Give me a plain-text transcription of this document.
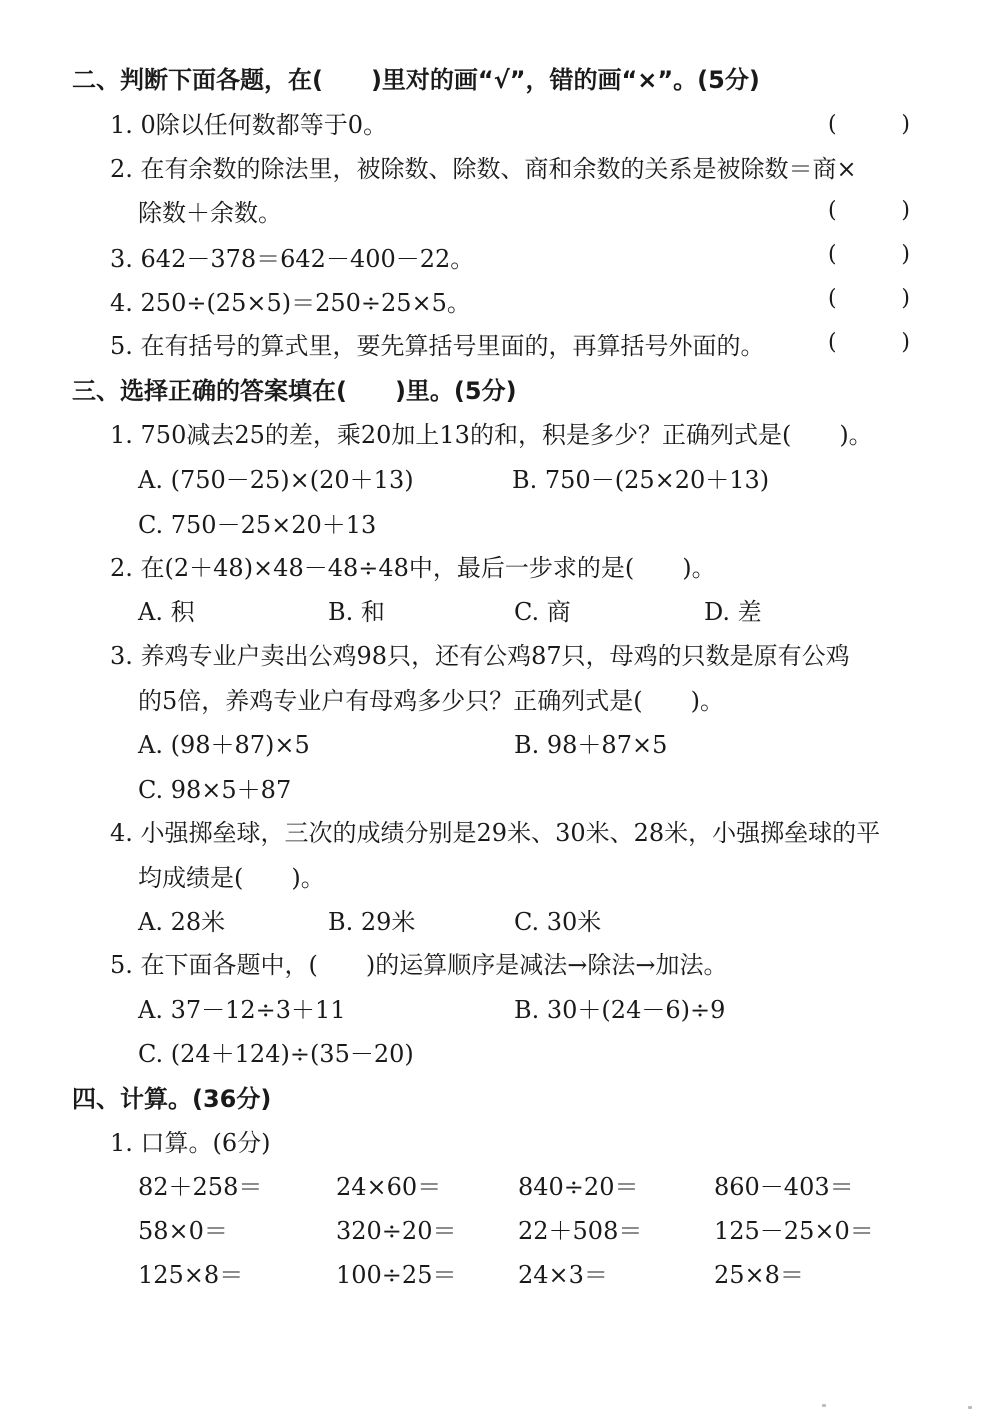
二、判断下面各题，在(　　)里对的画“√”，错的画“×”。(5分)
1. 0除以任何数都等于0。	(	)
2. 在有余数的除法里，被除数、除数、商和余数的关系是被除数＝商×
除数＋余数。	(	)
3. 642－378＝642－400－22。	(	)
4. 250÷(25×5)＝250÷25×5。	(	)
5. 在有括号的算式里，要先算括号里面的，再算括号外面的。	(	)
三、选择正确的答案填在(　　)里。(5分)
1. 750减去25的差，乘20加上13的和，积是多少？正确列式是(　　)。
A. (750－25)×(20＋13)	B. 750－(25×20＋13)
C. 750－25×20＋13
2. 在(2＋48)×48－48÷48中，最后一步求的是(　　)。
A. 积	B. 和	C. 商	D. 差
3. 养鸡专业户卖出公鸡98只，还有公鸡87只，母鸡的只数是原有公鸡
的5倍，养鸡专业户有母鸡多少只？正确列式是(　　)。
A. (98＋87)×5	B. 98＋87×5
C. 98×5＋87
4. 小强掷垒球，三次的成绩分别是29米、30米、28米，小强掷垒球的平
均成绩是(　　)。
A. 28米	B. 29米	C. 30米
5. 在下面各题中，(　　)的运算顺序是减法→除法→加法。
A. 37－12÷3＋11	B. 30＋(24－6)÷9
C. (24＋124)÷(35－20)
四、计算。(36分)
1. 口算。(6分)
82＋258＝	24×60＝	840÷20＝	860－403＝
58×0＝	320÷20＝	22＋508＝	125－25×0＝
125×8＝	100÷25＝	24×3＝	25×8＝
